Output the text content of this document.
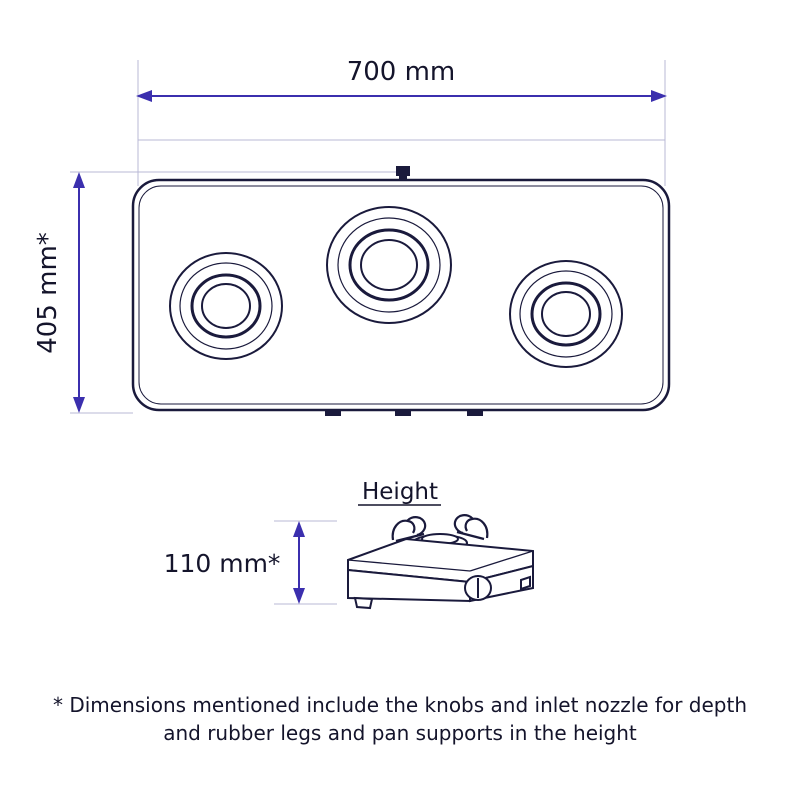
700 mm
405 mm*
Height
110 mm*
* Dimensions mentioned include the knobs and inlet nozzle for depth
and rubber legs and pan supports in the height
